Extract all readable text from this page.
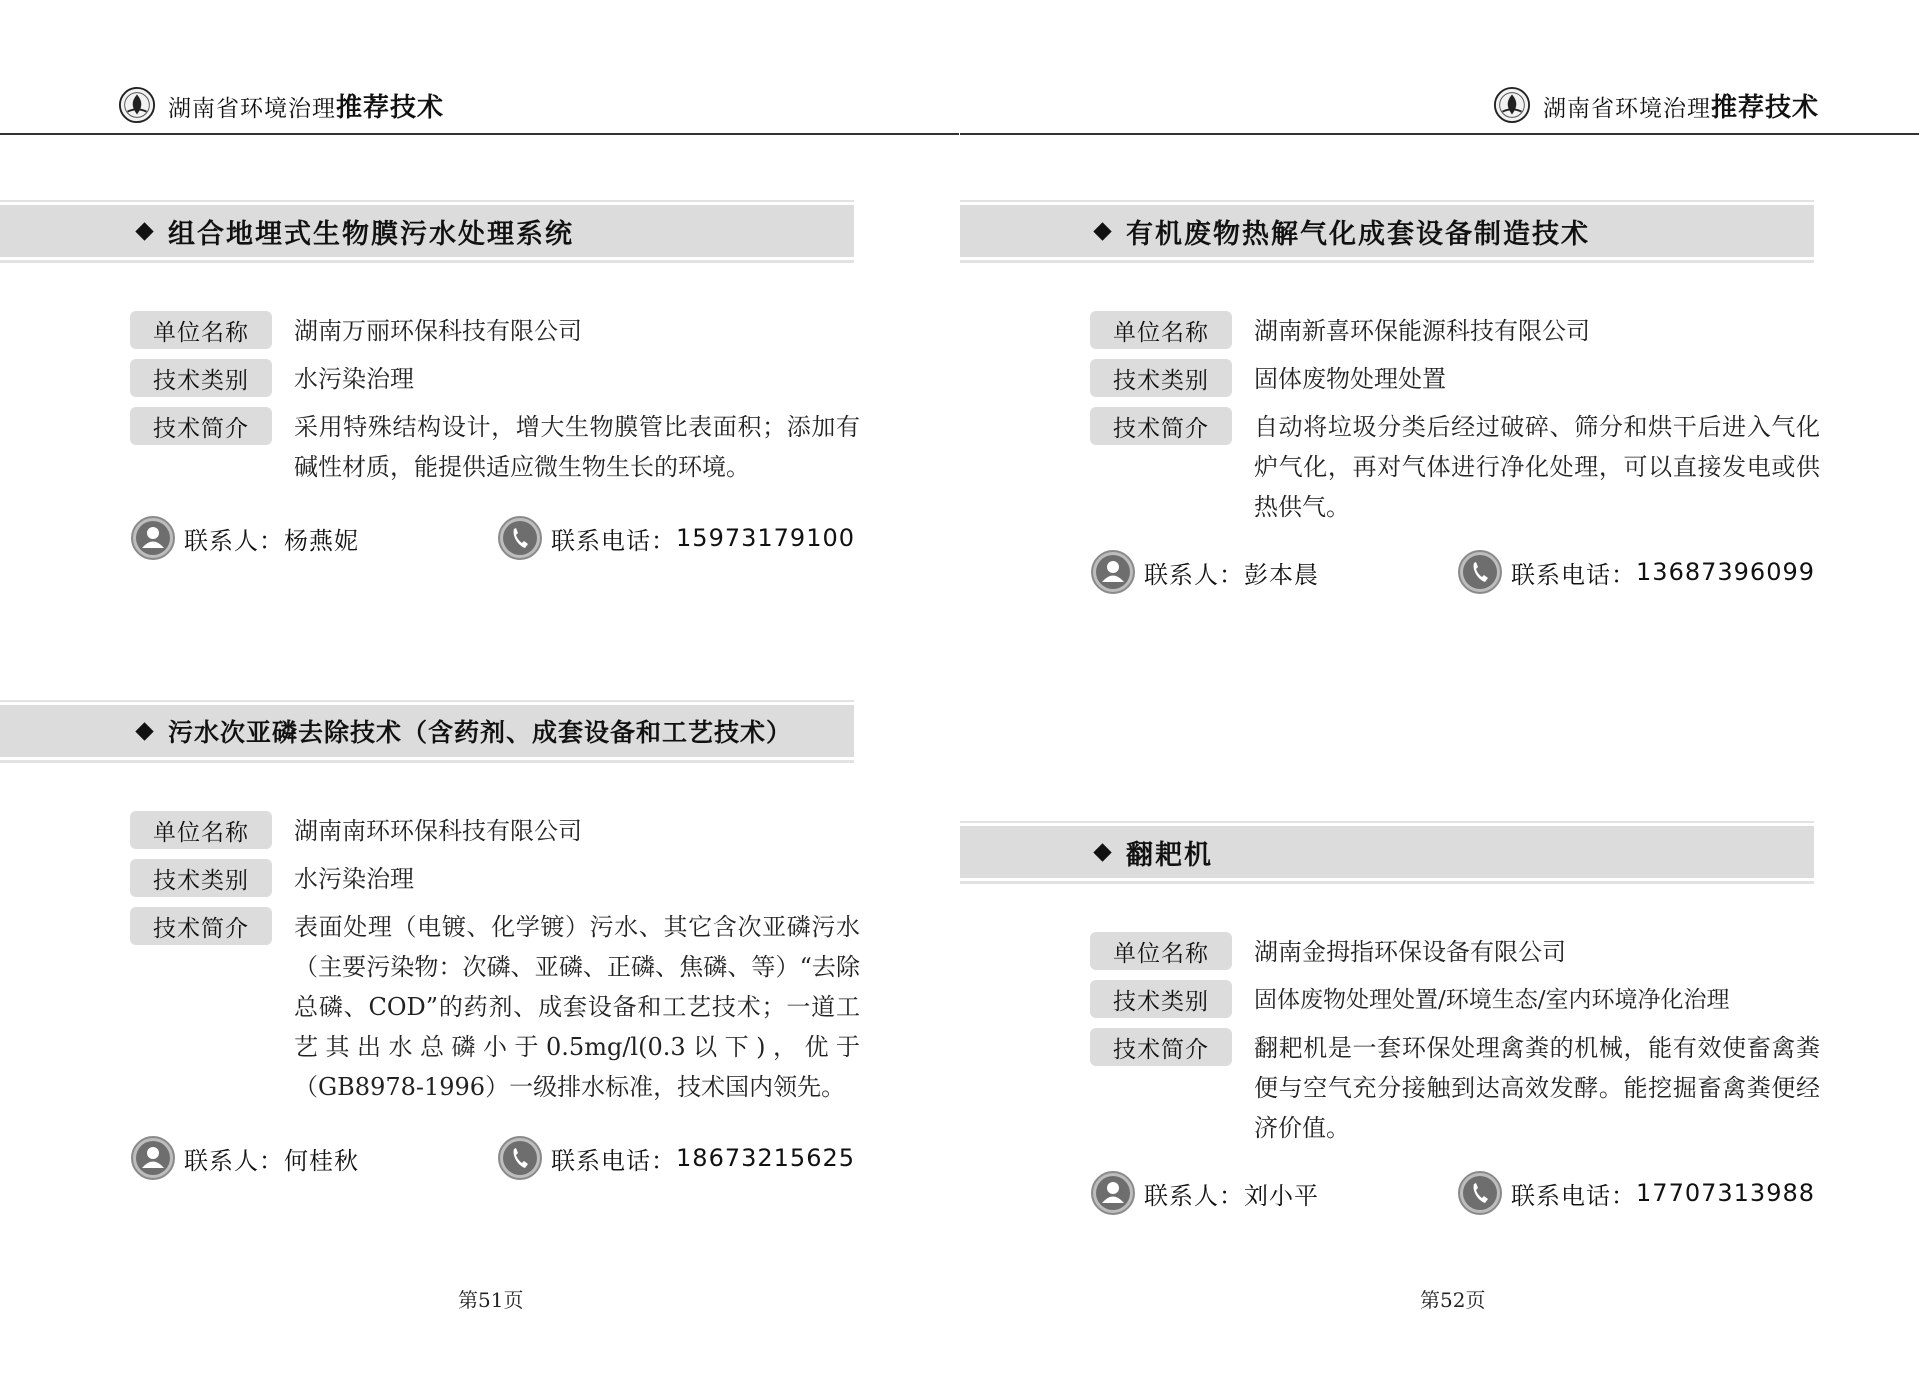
湖南省环境治理推荐技术
组合地埋式生物膜污水处理系统
单位名称	湖南万丽环保科技有限公司
技术类别	水污染治理
技术简介	采用特殊结构设计，增大生物膜管比表面积；添加有碱性材质，能提供适应微生物生长的环境。
联系人： 杨燕妮	联系电话： 15973179100
污水次亚磷去除技术（含药剂、成套设备和工艺技术）
单位名称	湖南南环环保科技有限公司
技术类别	水污染治理
技术简介	表面处理（电镀、化学镀）污水、其它含次亚磷污水（主要污染物：次磷、亚磷、正磷、焦磷、等）“去除总磷、COD”的药剂、成套设备和工艺技术；一道工艺其出水总磷小于0.5mg/l(0.3以下)，优于（GB8978-1996）一级排水标准，技术国内领先。
联系人： 何桂秋	联系电话： 18673215625
第51页
湖南省环境治理推荐技术
有机废物热解气化成套设备制造技术
单位名称	湖南新喜环保能源科技有限公司
技术类别	固体废物处理处置
技术简介	自动将垃圾分类后经过破碎、筛分和烘干后进入气化炉气化，再对气体进行净化处理，可以直接发电或供热供气。
联系人： 彭本晨	联系电话： 13687396099
翻耙机
单位名称	湖南金拇指环保设备有限公司
技术类别	固体废物处理处置/环境生态/室内环境净化治理
技术简介	翻耙机是一套环保处理禽粪的机械，能有效使畜禽粪便与空气充分接触到达高效发酵。能挖掘畜禽粪便经济价值。
联系人： 刘小平	联系电话： 17707313988
第52页
